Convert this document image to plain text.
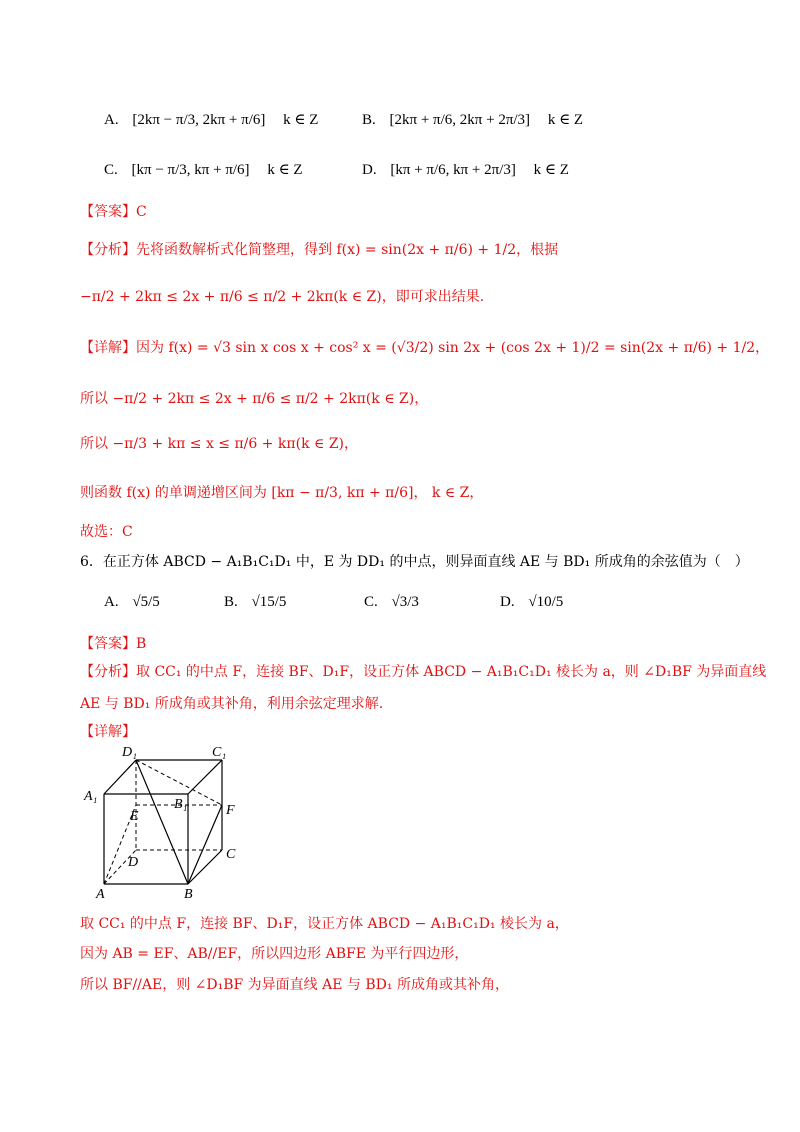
A. [2kπ − π/3, 2kπ + π/6] k ∈ Z	B. [2kπ + π/6, 2kπ + 2π/3] k ∈ Z
C. [kπ − π/3, kπ + π/6] k ∈ Z	D. [kπ + π/6, kπ + 2π/3] k ∈ Z
【答案】C
【分析】先将函数解析式化简整理，得到 f(x) = sin(2x + π/6) + 1/2，根据
−π/2 + 2kπ ≤ 2x + π/6 ≤ π/2 + 2kπ(k ∈ Z)，即可求出结果.
【详解】因为 f(x) = √3 sin x cos x + cos² x = (√3/2) sin 2x + (cos 2x + 1)/2 = sin(2x + π/6) + 1/2，
所以 −π/2 + 2kπ ≤ 2x + π/6 ≤ π/2 + 2kπ(k ∈ Z)，
所以 −π/3 + kπ ≤ x ≤ π/6 + kπ(k ∈ Z)，
则函数 f(x) 的单调递增区间为 [kπ − π/3, kπ + π/6]， k ∈ Z，
故选：C
6．在正方体 ABCD − A₁B₁C₁D₁ 中，E 为 DD₁ 的中点，则异面直线 AE 与 BD₁ 所成角的余弦值为（　）
A. √5/5	B. √15/5	C. √3/3	D. √10/5
【答案】B
【分析】取 CC₁ 的中点 F，连接 BF、D₁F，设正方体 ABCD − A₁B₁C₁D₁ 棱长为 a，则 ∠D₁BF 为异面直线
AE 与 BD₁ 所成角或其补角，利用余弦定理求解.
【详解】
D₁	C₁
A₁
B₁
E	F
D
C
A	B
取 CC₁ 的中点 F，连接 BF、D₁F，设正方体 ABCD − A₁B₁C₁D₁ 棱长为 a，
因为 AB = EF、AB//EF，所以四边形 ABFE 为平行四边形，
所以 BF//AE，则 ∠D₁BF 为异面直线 AE 与 BD₁ 所成角或其补角，
